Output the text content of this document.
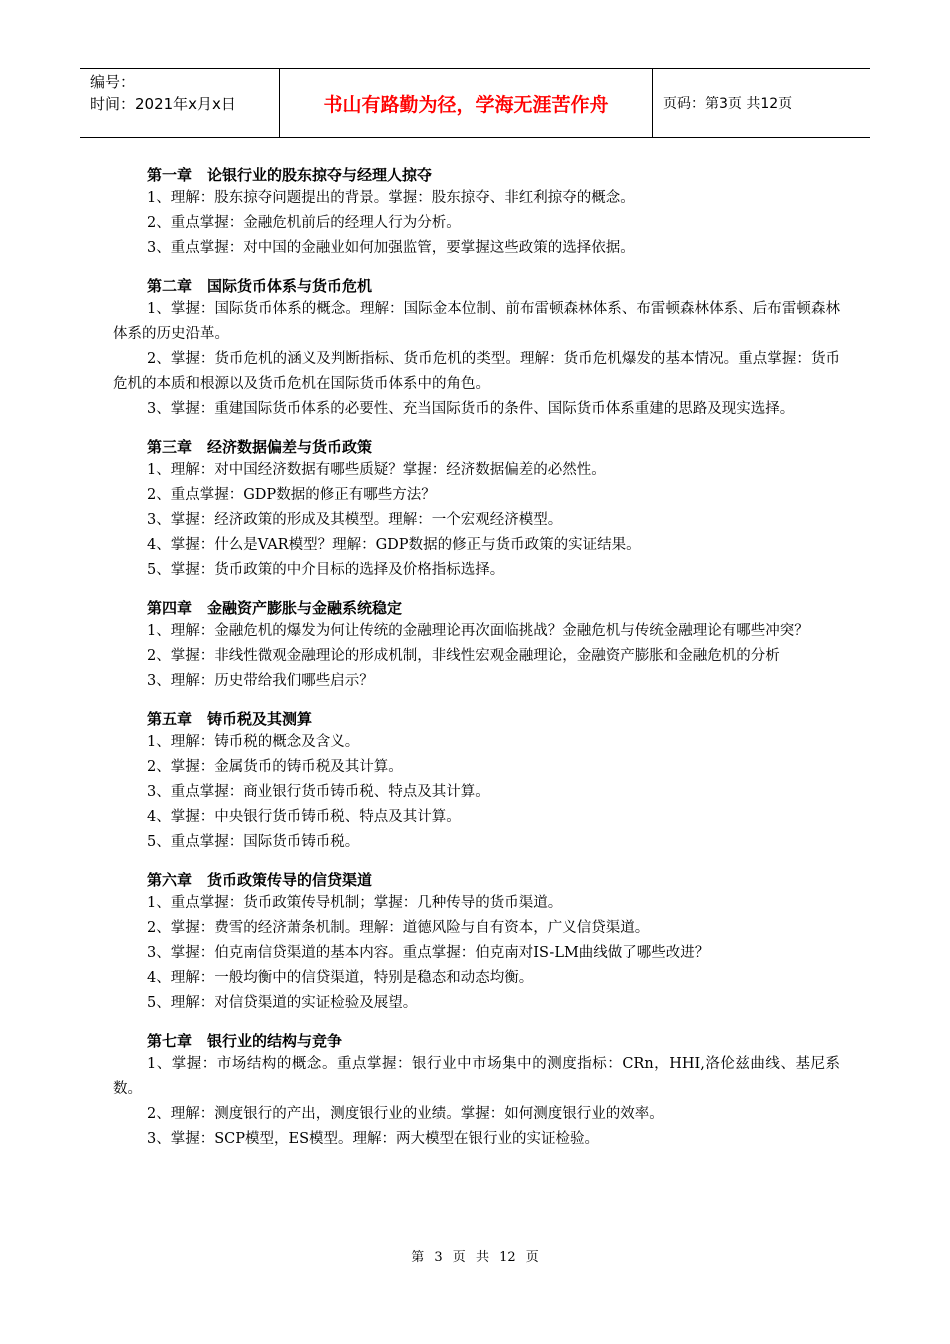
编号：
时间：2021年x月x日	书山有路勤为径，学海无涯苦作舟	页码：第3页 共12页
第一章　论银行业的股东掠夺与经理人掠夺
1、理解：股东掠夺问题提出的背景。掌握：股东掠夺、非红利掠夺的概念。
2、重点掌握：金融危机前后的经理人行为分析。
3、重点掌握：对中国的金融业如何加强监管，要掌握这些政策的选择依据。
第二章　国际货币体系与货币危机
1、掌握：国际货币体系的概念。理解：国际金本位制、前布雷顿森林体系、布雷顿森林体系、后布雷顿森林体系的历史沿革。
2、掌握：货币危机的涵义及判断指标、货币危机的类型。理解：货币危机爆发的基本情况。重点掌握：货币危机的本质和根源以及货币危机在国际货币体系中的角色。
3、掌握：重建国际货币体系的必要性、充当国际货币的条件、国际货币体系重建的思路及现实选择。
第三章　经济数据偏差与货币政策
1、理解：对中国经济数据有哪些质疑？掌握：经济数据偏差的必然性。
2、重点掌握：GDP数据的修正有哪些方法？
3、掌握：经济政策的形成及其模型。理解：一个宏观经济模型。
4、掌握：什么是VAR模型？理解：GDP数据的修正与货币政策的实证结果。
5、掌握：货币政策的中介目标的选择及价格指标选择。
第四章　金融资产膨胀与金融系统稳定
1、理解：金融危机的爆发为何让传统的金融理论再次面临挑战？金融危机与传统金融理论有哪些冲突？
2、掌握：非线性微观金融理论的形成机制，非线性宏观金融理论，金融资产膨胀和金融危机的分析
3、理解：历史带给我们哪些启示？
第五章　铸币税及其测算
1、理解：铸币税的概念及含义。
2、掌握：金属货币的铸币税及其计算。
3、重点掌握：商业银行货币铸币税、特点及其计算。
4、掌握：中央银行货币铸币税、特点及其计算。
5、重点掌握：国际货币铸币税。
第六章　货币政策传导的信贷渠道
1、重点掌握：货币政策传导机制；掌握：几种传导的货币渠道。
2、掌握：费雪的经济萧条机制。理解：道德风险与自有资本，广义信贷渠道。
3、掌握：伯克南信贷渠道的基本内容。重点掌握：伯克南对IS-LM曲线做了哪些改进？
4、理解：一般均衡中的信贷渠道，特别是稳态和动态均衡。
5、理解：对信贷渠道的实证检验及展望。
第七章　银行业的结构与竞争
1、掌握：市场结构的概念。重点掌握：银行业中市场集中的测度指标：CRn，HHI,洛伦兹曲线、基尼系数。
2、理解：测度银行的产出，测度银行业的业绩。掌握：如何测度银行业的效率。
3、掌握：SCP模型，ES模型。理解：两大模型在银行业的实证检验。
第 3 页 共 12 页
